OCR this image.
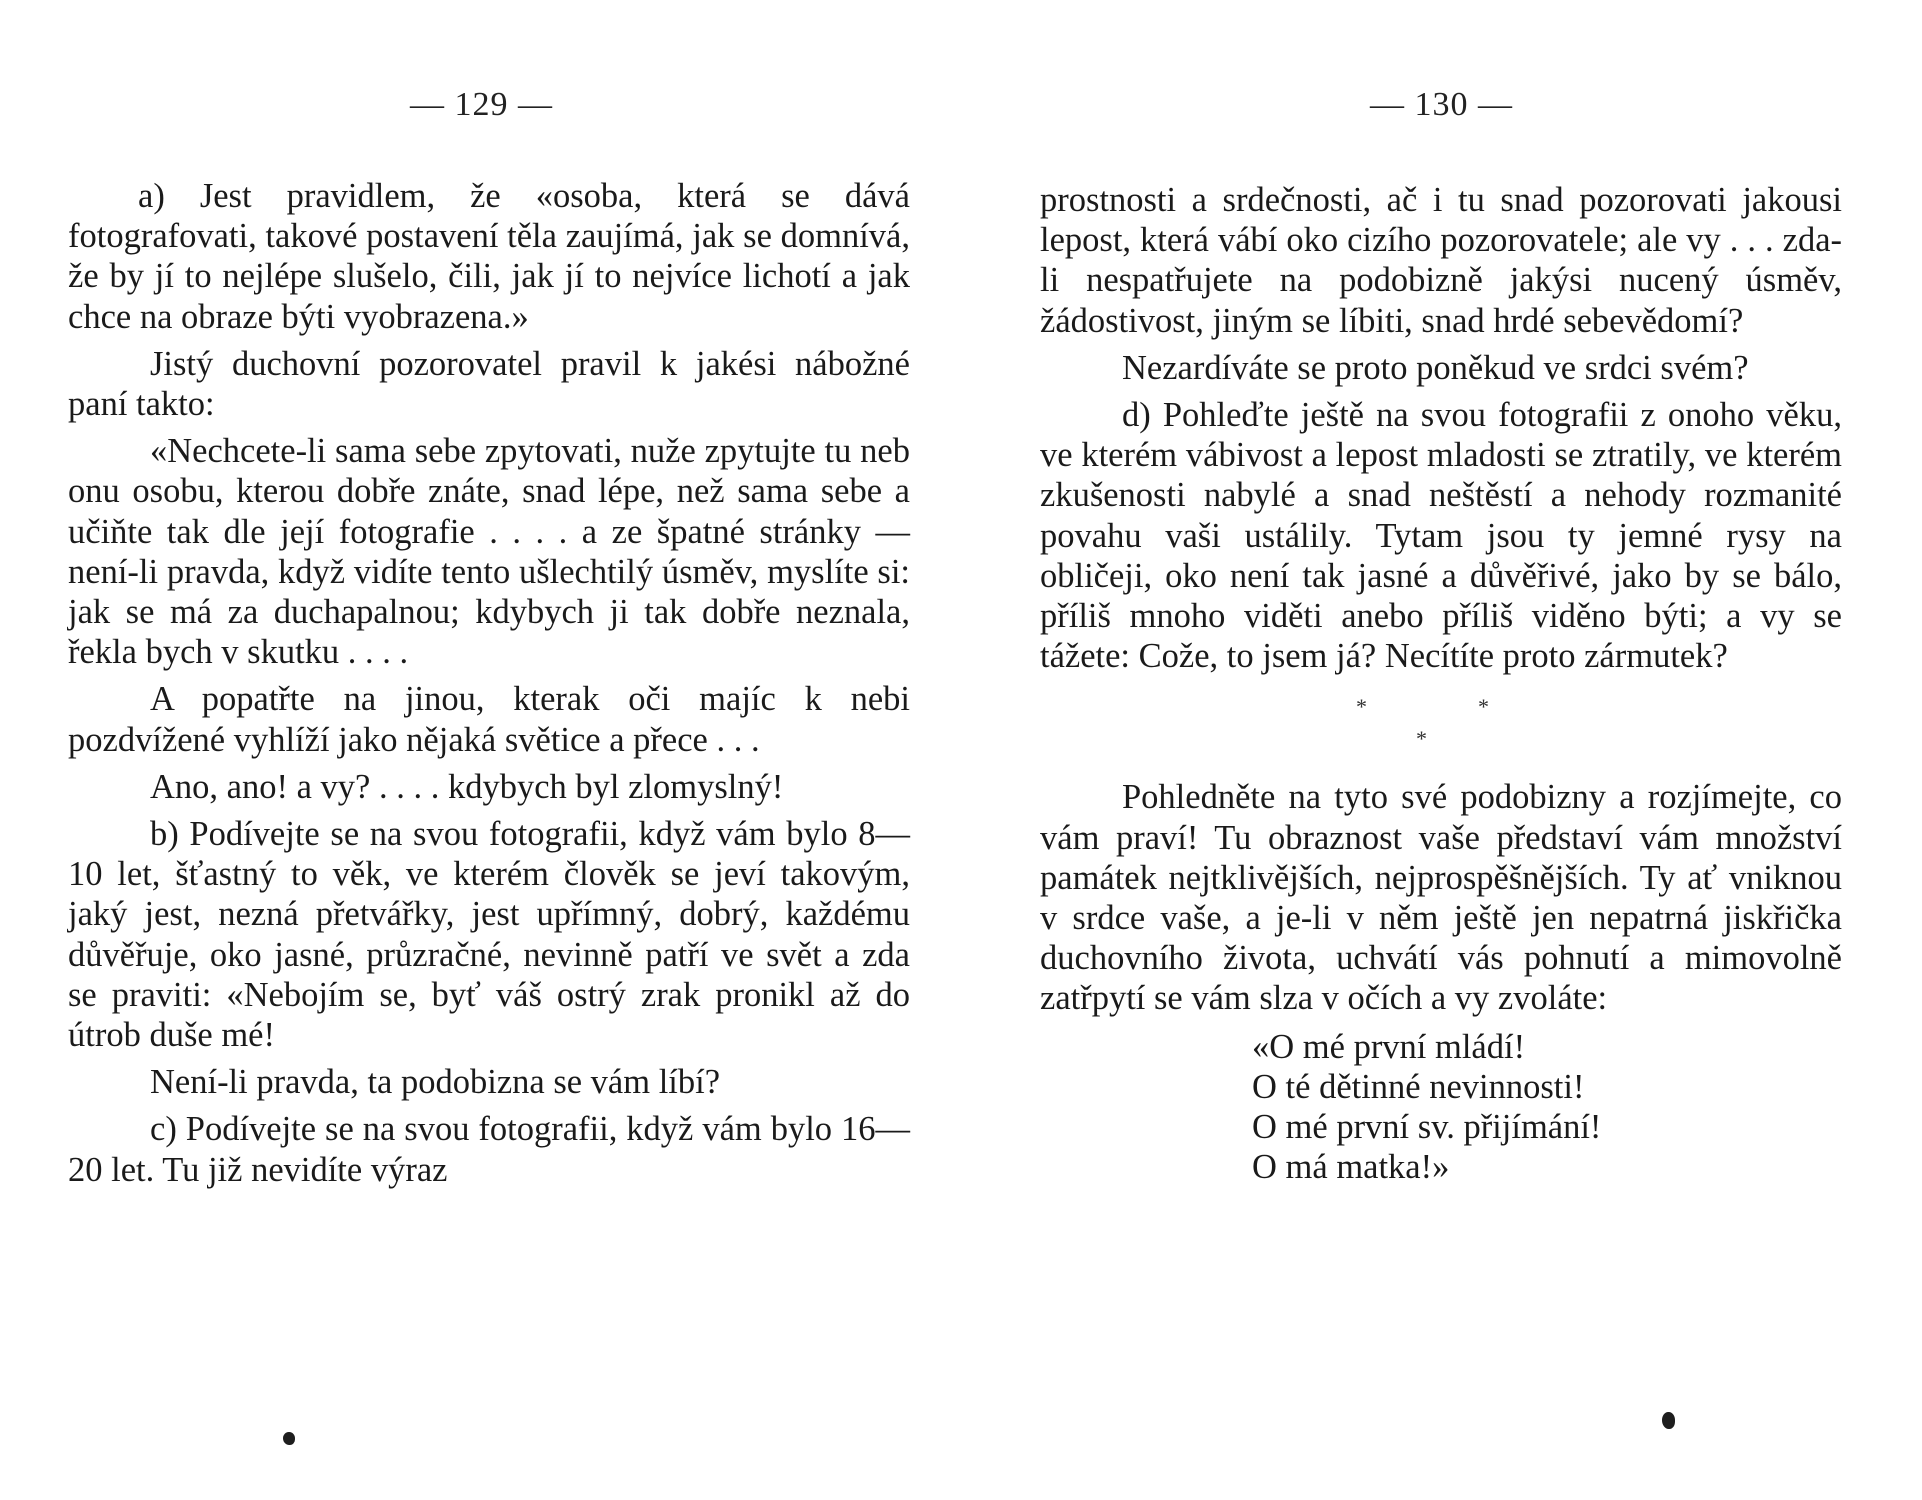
— 129 —

a) Jest pravidlem, že «osoba, která se dává fotografovati, takové postavení těla zaujímá, jak se domnívá, že by jí to nejlépe slušelo, čili, jak jí to nejvíce lichotí a jak chce na obraze býti vyobrazena.»

Jistý duchovní pozorovatel pravil k jakési nábožné paní takto:

«Nechcete-li sama sebe zpytovati, nuže zpytujte tu neb onu osobu, kterou dobře znáte, snad lépe, než sama sebe a učiňte tak dle její fotografie . . . . a ze špatné stránky — není-li pravda, když vidíte tento ušlechtilý úsměv, myslíte si: jak se má za duchapalnou; kdybych ji tak dobře neznala, řekla bych v skutku . . . .

A popatřte na jinou, kterak oči majíc k nebi pozdvížené vyhlíží jako nějaká světice a přece . . .

Ano, ano! a vy? . . . . kdybych byl zlomyslný!

b) Podívejte se na svou fotografii, když vám bylo 8—10 let, šťastný to věk, ve kterém člověk se jeví takovým, jaký jest, nezná přetvářky, jest upřímný, dobrý, každému důvěřuje, oko jasné, průzračné, nevinně patří ve svět a zda se praviti: «Nebojím se, byť váš ostrý zrak pronikl až do útrob duše mé!

Není-li pravda, ta podobizna se vám líbí?

c) Podívejte se na svou fotografii, když vám bylo 16—20 let. Tu již nevidíte výraz

— 130 —

prostnosti a srdečnosti, ač i tu snad pozorovati jakousi lepost, která vábí oko cizího pozorovatele; ale vy . . . zda-li nespatřujete na podobizně jakýsi nucený úsměv, žádostivost, jiným se líbiti, snad hrdé sebevědomí?

Nezardíváte se proto poněkud ve srdci svém?

d) Pohleďte ještě na svou fotografii z onoho věku, ve kterém vábivost a lepost mladosti se ztratily, ve kterém zkušenosti nabylé a snad neštěstí a nehody rozmanité povahu vaši ustálily. Tytam jsou ty jemné rysy na obličeji, oko není tak jasné a důvěřivé, jako by se bálo, příliš mnoho viděti anebo příliš viděno býti; a vy se tážete: Cože, to jsem já? Necítíte proto zármutek?

*	*
*

Pohledněte na tyto své podobizny a rozjímejte, co vám praví! Tu obraznost vaše představí vám množství památek nejtklivějších, nejprospěšnějších. Ty ať vniknou v srdce vaše, a je-li v něm ještě jen nepatrná jiskřička duchovního života, uchvátí vás pohnutí a mimovolně zatřpytí se vám slza v očích a vy zvoláte:

«O mé první mládí!
O té dětinné nevinnosti!
O mé první sv. přijímání!
O má matka!»
